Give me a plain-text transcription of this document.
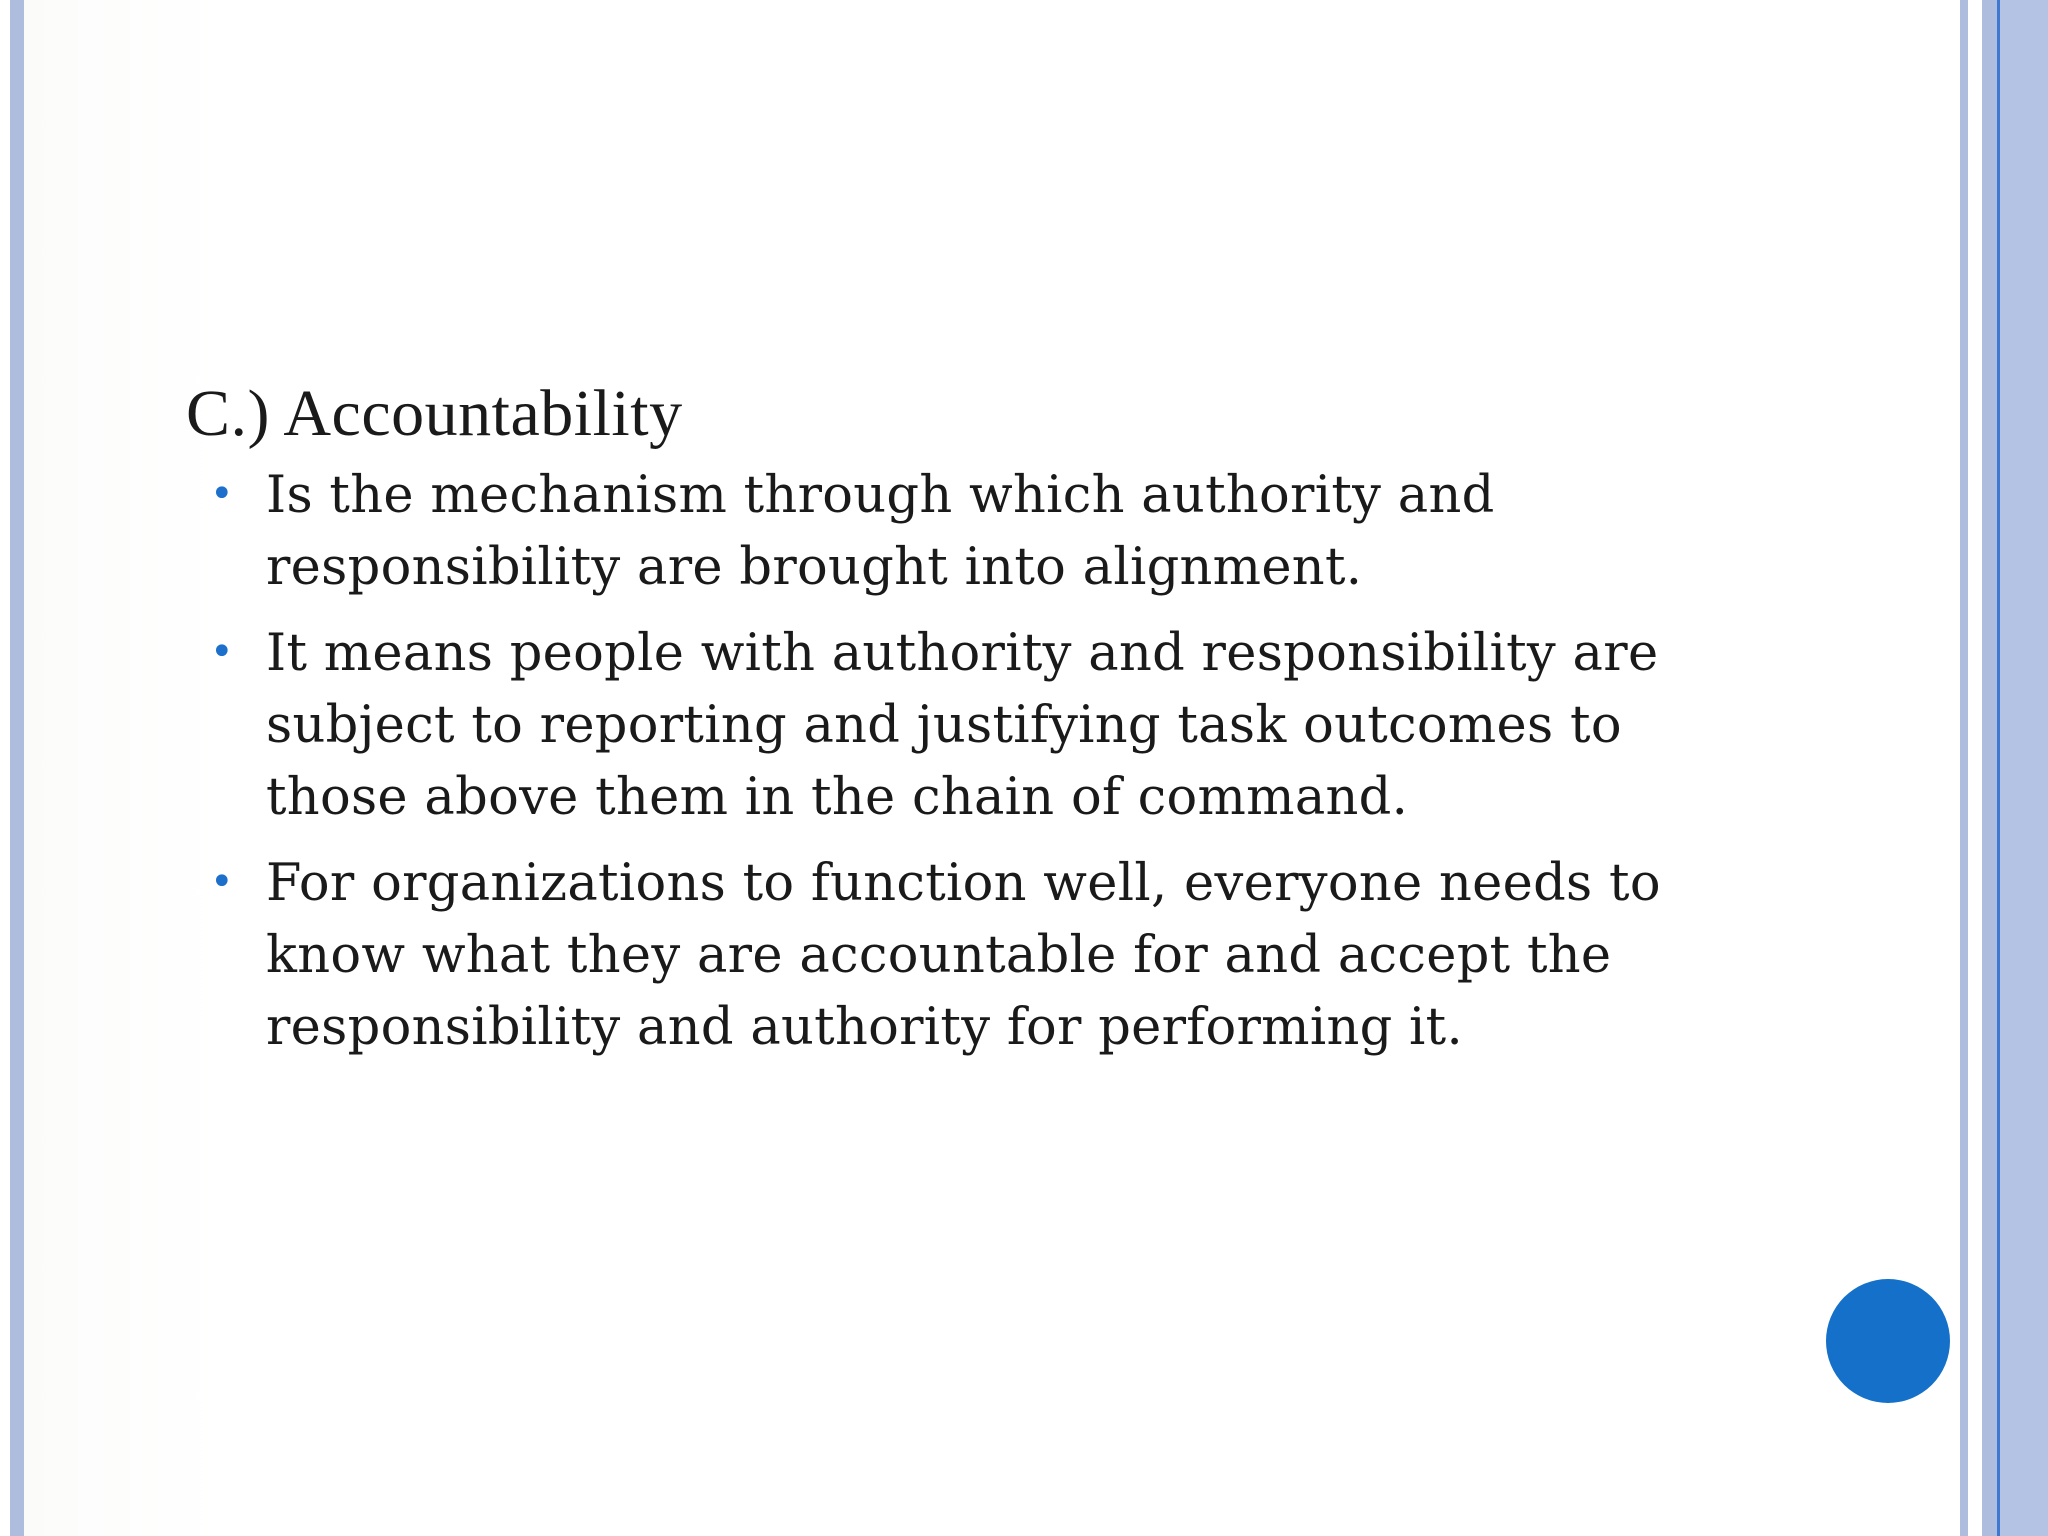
C.) Accountability
• Is the mechanism through which authority and responsibility are brought into alignment.
• It means people with authority and responsibility are subject to reporting and justifying task outcomes to those above them in the chain of command.
• For organizations to function well, everyone needs to know what they are accountable for and accept the responsibility and authority for performing it.
